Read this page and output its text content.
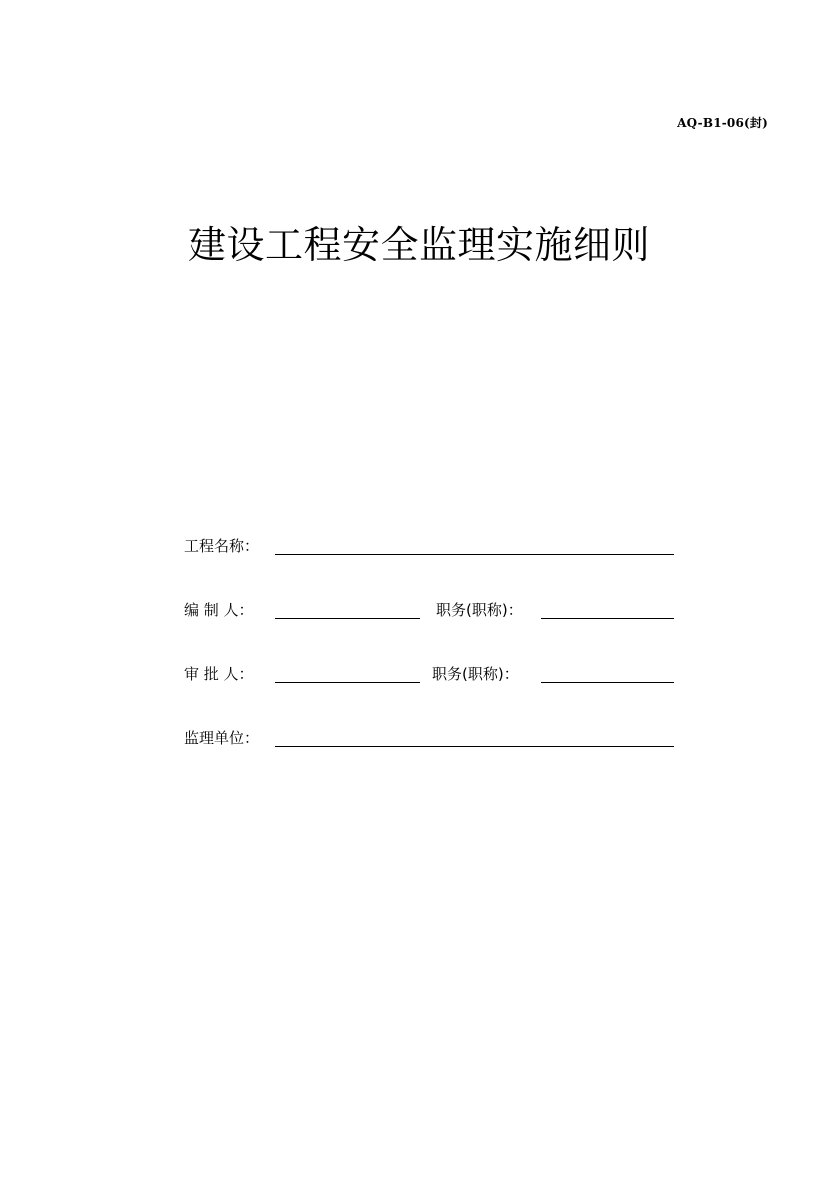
AQ-B1-06(封)
建设工程安全监理实施细则
工程名称：
编 制 人：	职务(职称)：
审 批 人：	职务(职称)：
监理单位：
